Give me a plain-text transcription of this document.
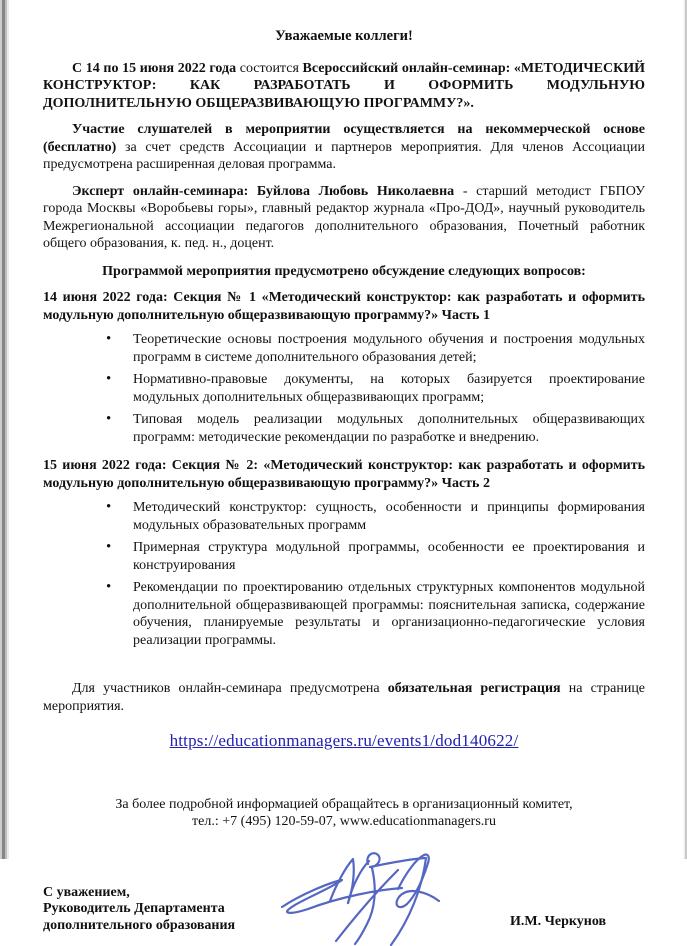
Уважаемые коллеги!

С 14 по 15 июня 2022 года состоится Всероссийский онлайн-семинар: «МЕТОДИЧЕСКИЙ КОНСТРУКТОР: КАК РАЗРАБОТАТЬ И ОФОРМИТЬ МОДУЛЬНУЮ ДОПОЛНИТЕЛЬНУЮ ОБЩЕРАЗВИВАЮЩУЮ ПРОГРАММУ?».

Участие слушателей в мероприятии осуществляется на некоммерческой основе (бесплатно) за счет средств Ассоциации и партнеров мероприятия. Для членов Ассоциации предусмотрена расширенная деловая программа.

Эксперт онлайн-семинара: Буйлова Любовь Николаевна - старший методист ГБПОУ города Москвы «Воробьевы горы», главный редактор журнала «Про-ДОД», научный руководитель Межрегиональной ассоциации педагогов дополнительного образования, Почетный работник общего образования, к. пед. н., доцент.

Программой мероприятия предусмотрено обсуждение следующих вопросов:

14 июня 2022 года: Секция № 1 «Методический конструктор: как разработать и оформить модульную дополнительную общеразвивающую программу?» Часть 1

• Теоретические основы построения модульного обучения и построения модульных программ в системе дополнительного образования детей;
• Нормативно-правовые документы, на которых базируется проектирование модульных дополнительных общеразвивающих программ;
• Типовая модель реализации модульных дополнительных общеразвивающих программ: методические рекомендации по разработке и внедрению.

15 июня 2022 года: Секция № 2: «Методический конструктор: как разработать и оформить модульную дополнительную общеразвивающую программу?» Часть 2

• Методический конструктор: сущность, особенности и принципы формирования модульных образовательных программ
• Примерная структура модульной программы, особенности ее проектирования и конструирования
• Рекомендации по проектированию отдельных структурных компонентов модульной дополнительной общеразвивающей программы: пояснительная записка, содержание обучения, планируемые результаты и организационно-педагогические условия реализации программы.

Для участников онлайн-семинара предусмотрена обязательная регистрация на странице мероприятия.

https://educationmanagers.ru/events1/dod140622/

За более подробной информацией обращайтесь в организационный комитет,

тел.: +7 (495) 120-59-07, www.educationmanagers.ru

С уважением,
Руководитель Департамента
дополнительного образования	И.М. Черкунов
